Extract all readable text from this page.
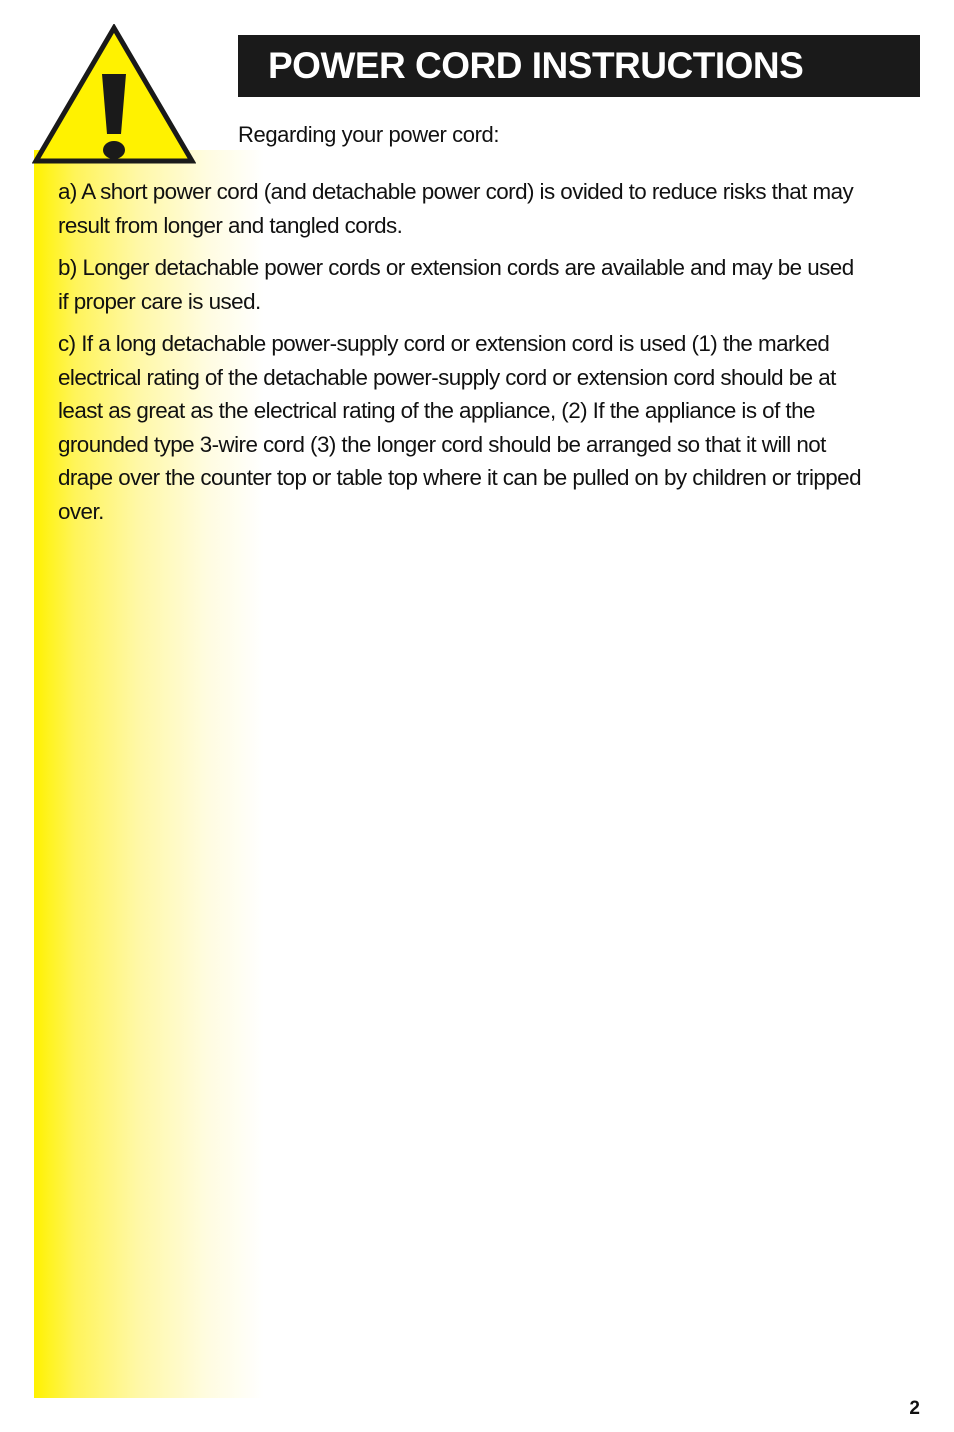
POWER CORD INSTRUCTIONS
Regarding your power cord:

a) A short power cord (and detachable power cord) is ovided to reduce risks that may result from longer and tangled cords.

b) Longer detachable power cords or extension cords are available and may be used if proper care is used.

c) If a long detachable power-supply cord or extension cord is used (1) the marked electrical rating of the detachable power-supply cord or extension cord should be at least as great as the electrical rating of the appliance, (2) If the appliance is of the grounded type 3-wire cord (3) the longer cord should be arranged so that it will not drape over the counter top or table top where it can be pulled on by children or tripped over.

2
